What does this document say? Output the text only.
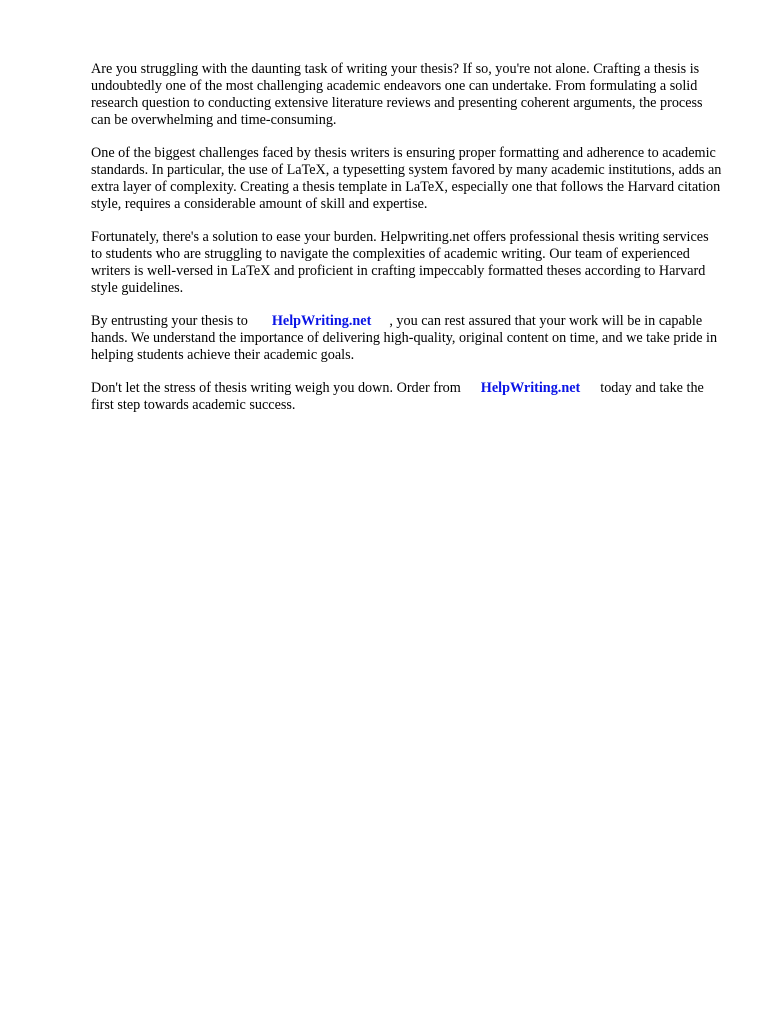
Are you struggling with the daunting task of writing your thesis? If so, you're not alone. Crafting a thesis is undoubtedly one of the most challenging academic endeavors one can undertake. From formulating a solid research question to conducting extensive literature reviews and presenting coherent arguments, the process can be overwhelming and time-consuming.

One of the biggest challenges faced by thesis writers is ensuring proper formatting and adherence to academic standards. In particular, the use of LaTeX, a typesetting system favored by many academic institutions, adds an extra layer of complexity. Creating a thesis template in LaTeX, especially one that follows the Harvard citation style, requires a considerable amount of skill and expertise.

Fortunately, there's a solution to ease your burden. Helpwriting.net offers professional thesis writing services to students who are struggling to navigate the complexities of academic writing. Our team of experienced writers is well-versed in LaTeX and proficient in crafting impeccably formatted theses according to Harvard style guidelines.

By entrusting your thesis to HelpWriting.net , you can rest assured that your work will be in capable hands. We understand the importance of delivering high-quality, original content on time, and we take pride in helping students achieve their academic goals.

Don't let the stress of thesis writing weigh you down. Order from HelpWriting.net today and take the first step towards academic success.
